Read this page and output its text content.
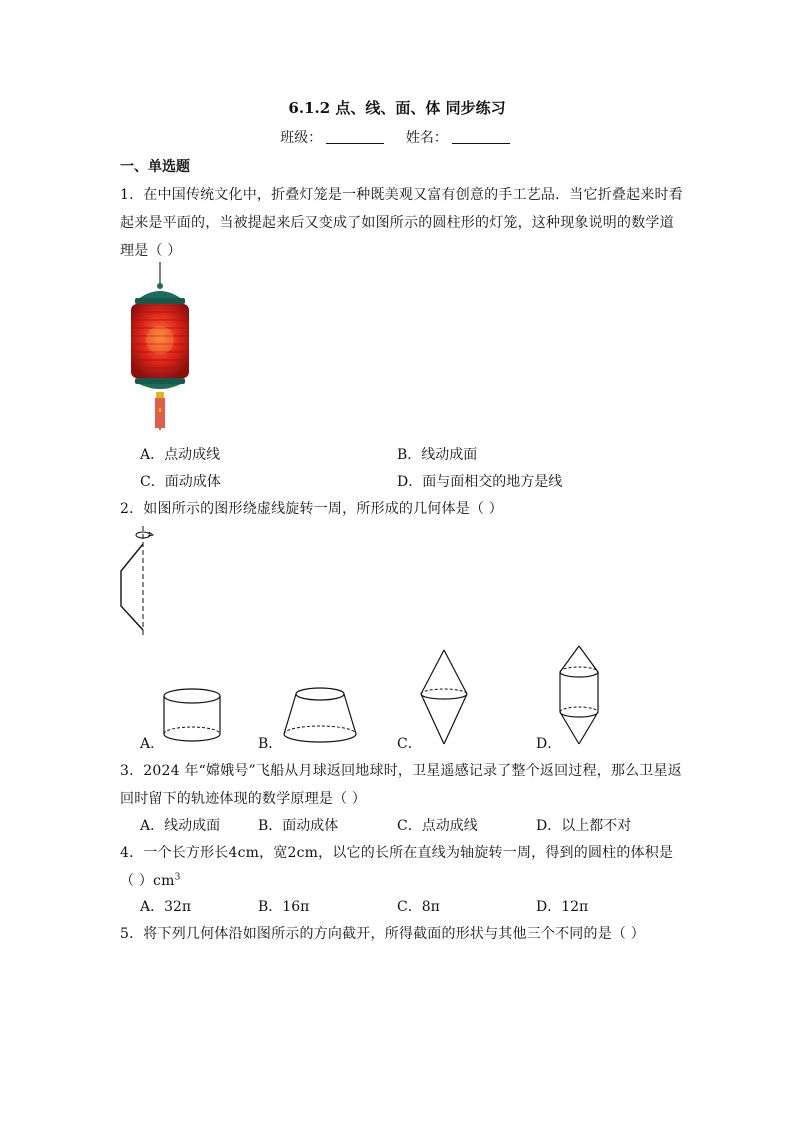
6.1.2 点、线、面、体 同步练习
班级：	姓名：
一、单选题
1．在中国传统文化中，折叠灯笼是一种既美观又富有创意的手工艺品．当它折叠起来时看
起来是平面的，当被提起来后又变成了如图所示的圆柱形的灯笼，这种现象说明的数学道
理是（ ）
A．点动成线	B．线动成面
C．面动成体	D．面与面相交的地方是线
2．如图所示的图形绕虚线旋转一周，所形成的几何体是（ ）
A．	B．	C．	D．
3．2024 年“嫦娥号”飞船从月球返回地球时，卫星遥感记录了整个返回过程，那么卫星返
回时留下的轨迹体现的数学原理是（ ）
A．线动成面	B．面动成体	C．点动成线	D．以上都不对
4．一个长方形长4cm，宽2cm，以它的长所在直线为轴旋转一周，得到的圆柱的体积是
（ ）$cm^3$
A．32π	B．16π	C．8π	D．12π
5．将下列几何体沿如图所示的方向截开，所得截面的形状与其他三个不同的是（ ）
